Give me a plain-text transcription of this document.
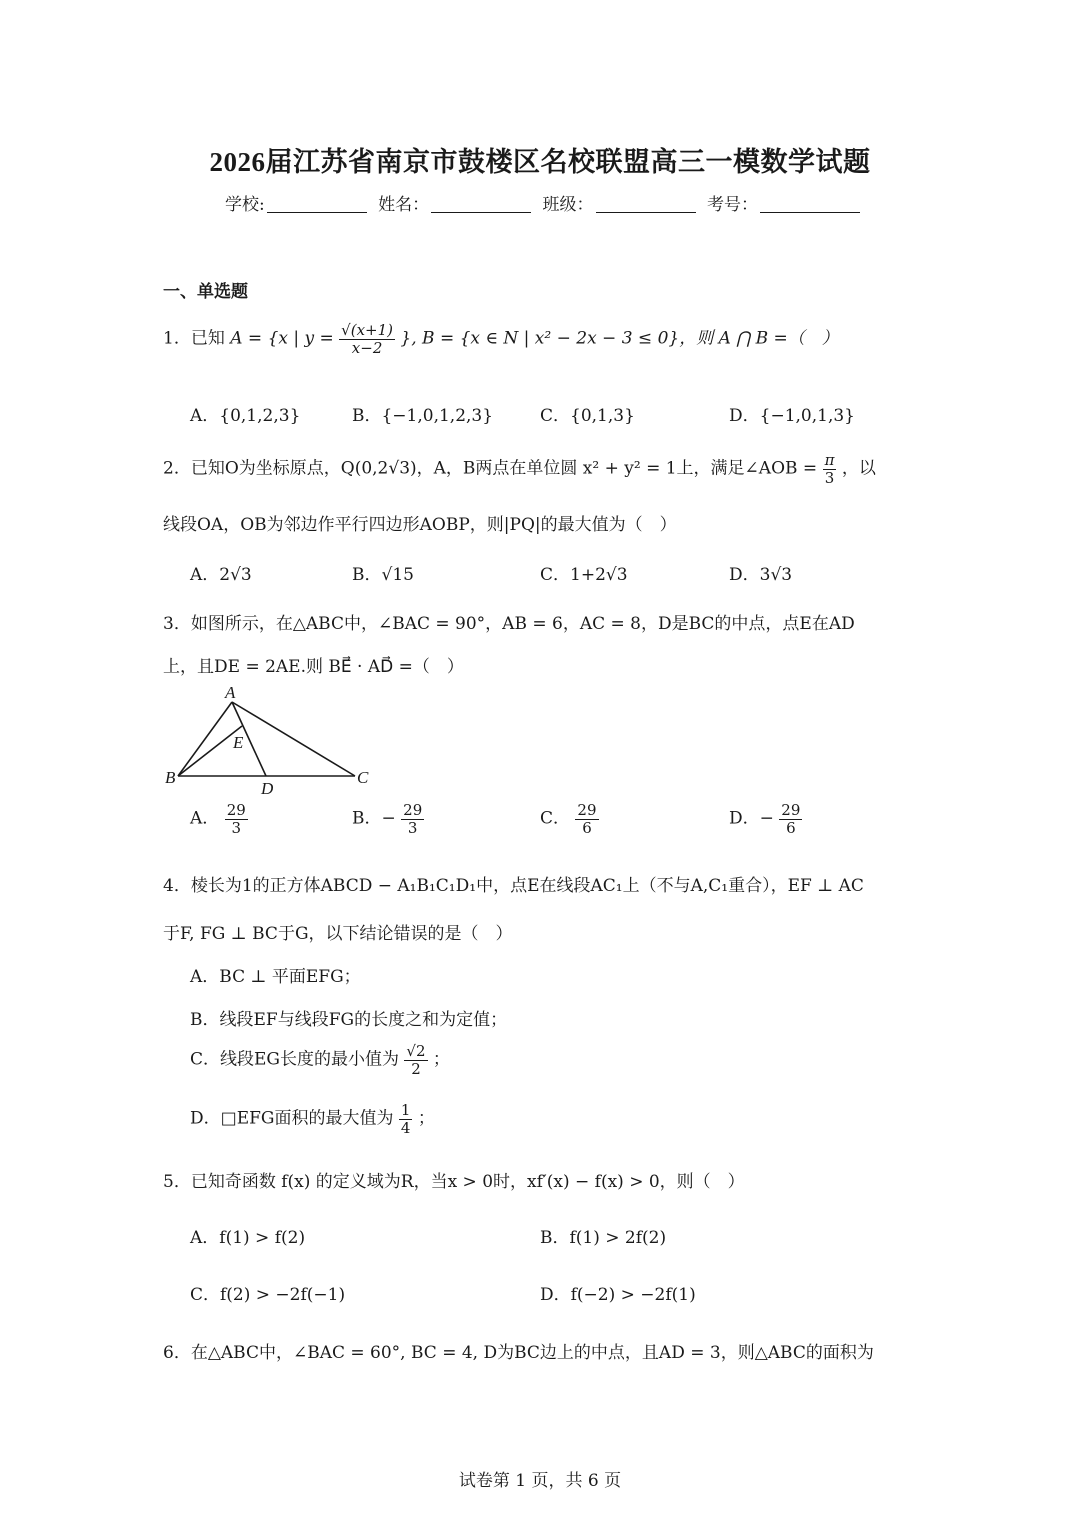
2026届江苏省南京市鼓楼区名校联盟高三一模数学试题
学校:	姓名：	班级：	考号：
一、单选题
1．已知 A = {x | $y = \frac{√(x+1)}{x-2}$ }, B = {x ∈ N | x² − 2x − 3 ≤ 0}，则 A ⋂ B =（　）
A．{0,1,2,3}	B．{−1,0,1,2,3}	C．{0,1,3}	D．{−1,0,1,3}
2．已知O为坐标原点，Q(0,2√3)，A，B两点在单位圆 x² + y² = 1上，满足∠AOB = $\frac{\pi}{3}$ ，以
线段OA，OB为邻边作平行四边形AOBP，则|PQ|的最大值为（　）
A．2√3	B．√15	C．1+2√3	D．3√3
3．如图所示，在△ABC中，∠BAC = 90°，AB = 6，AC = 8，D是BC的中点，点E在AD
上，且DE = 2AE.则 BE⃗ · AD⃗ =（　）
A
B	C
D
E
A． $\frac{29}{3}$	B．− $\frac{29}{3}$	C． $\frac{29}{6}$	D．− $\frac{29}{6}$
4．棱长为1的正方体ABCD − A₁B₁C₁D₁中，点E在线段AC₁上（不与A,C₁重合），EF ⊥ AC
于F, FG ⊥ BC于G，以下结论错误的是（　）
A．BC ⊥ 平面EFG；
B．线段EF与线段FG的长度之和为定值；
C．线段EG长度的最小值为 $\frac{√2}{2}$ ；
D．□EFG面积的最大值为 $\frac{1}{4}$ ；
5．已知奇函数 f(x) 的定义域为R，当x > 0时，xf′(x) − f(x) > 0，则（　）
A．f(1) > f(2)	B．f(1) > 2f(2)
C．f(2) > −2f(−1)	D．f(−2) > −2f(1)
6．在△ABC中，∠BAC = 60°, BC = 4, D为BC边上的中点，且AD = 3，则△ABC的面积为
试卷第 1 页，共 6 页
